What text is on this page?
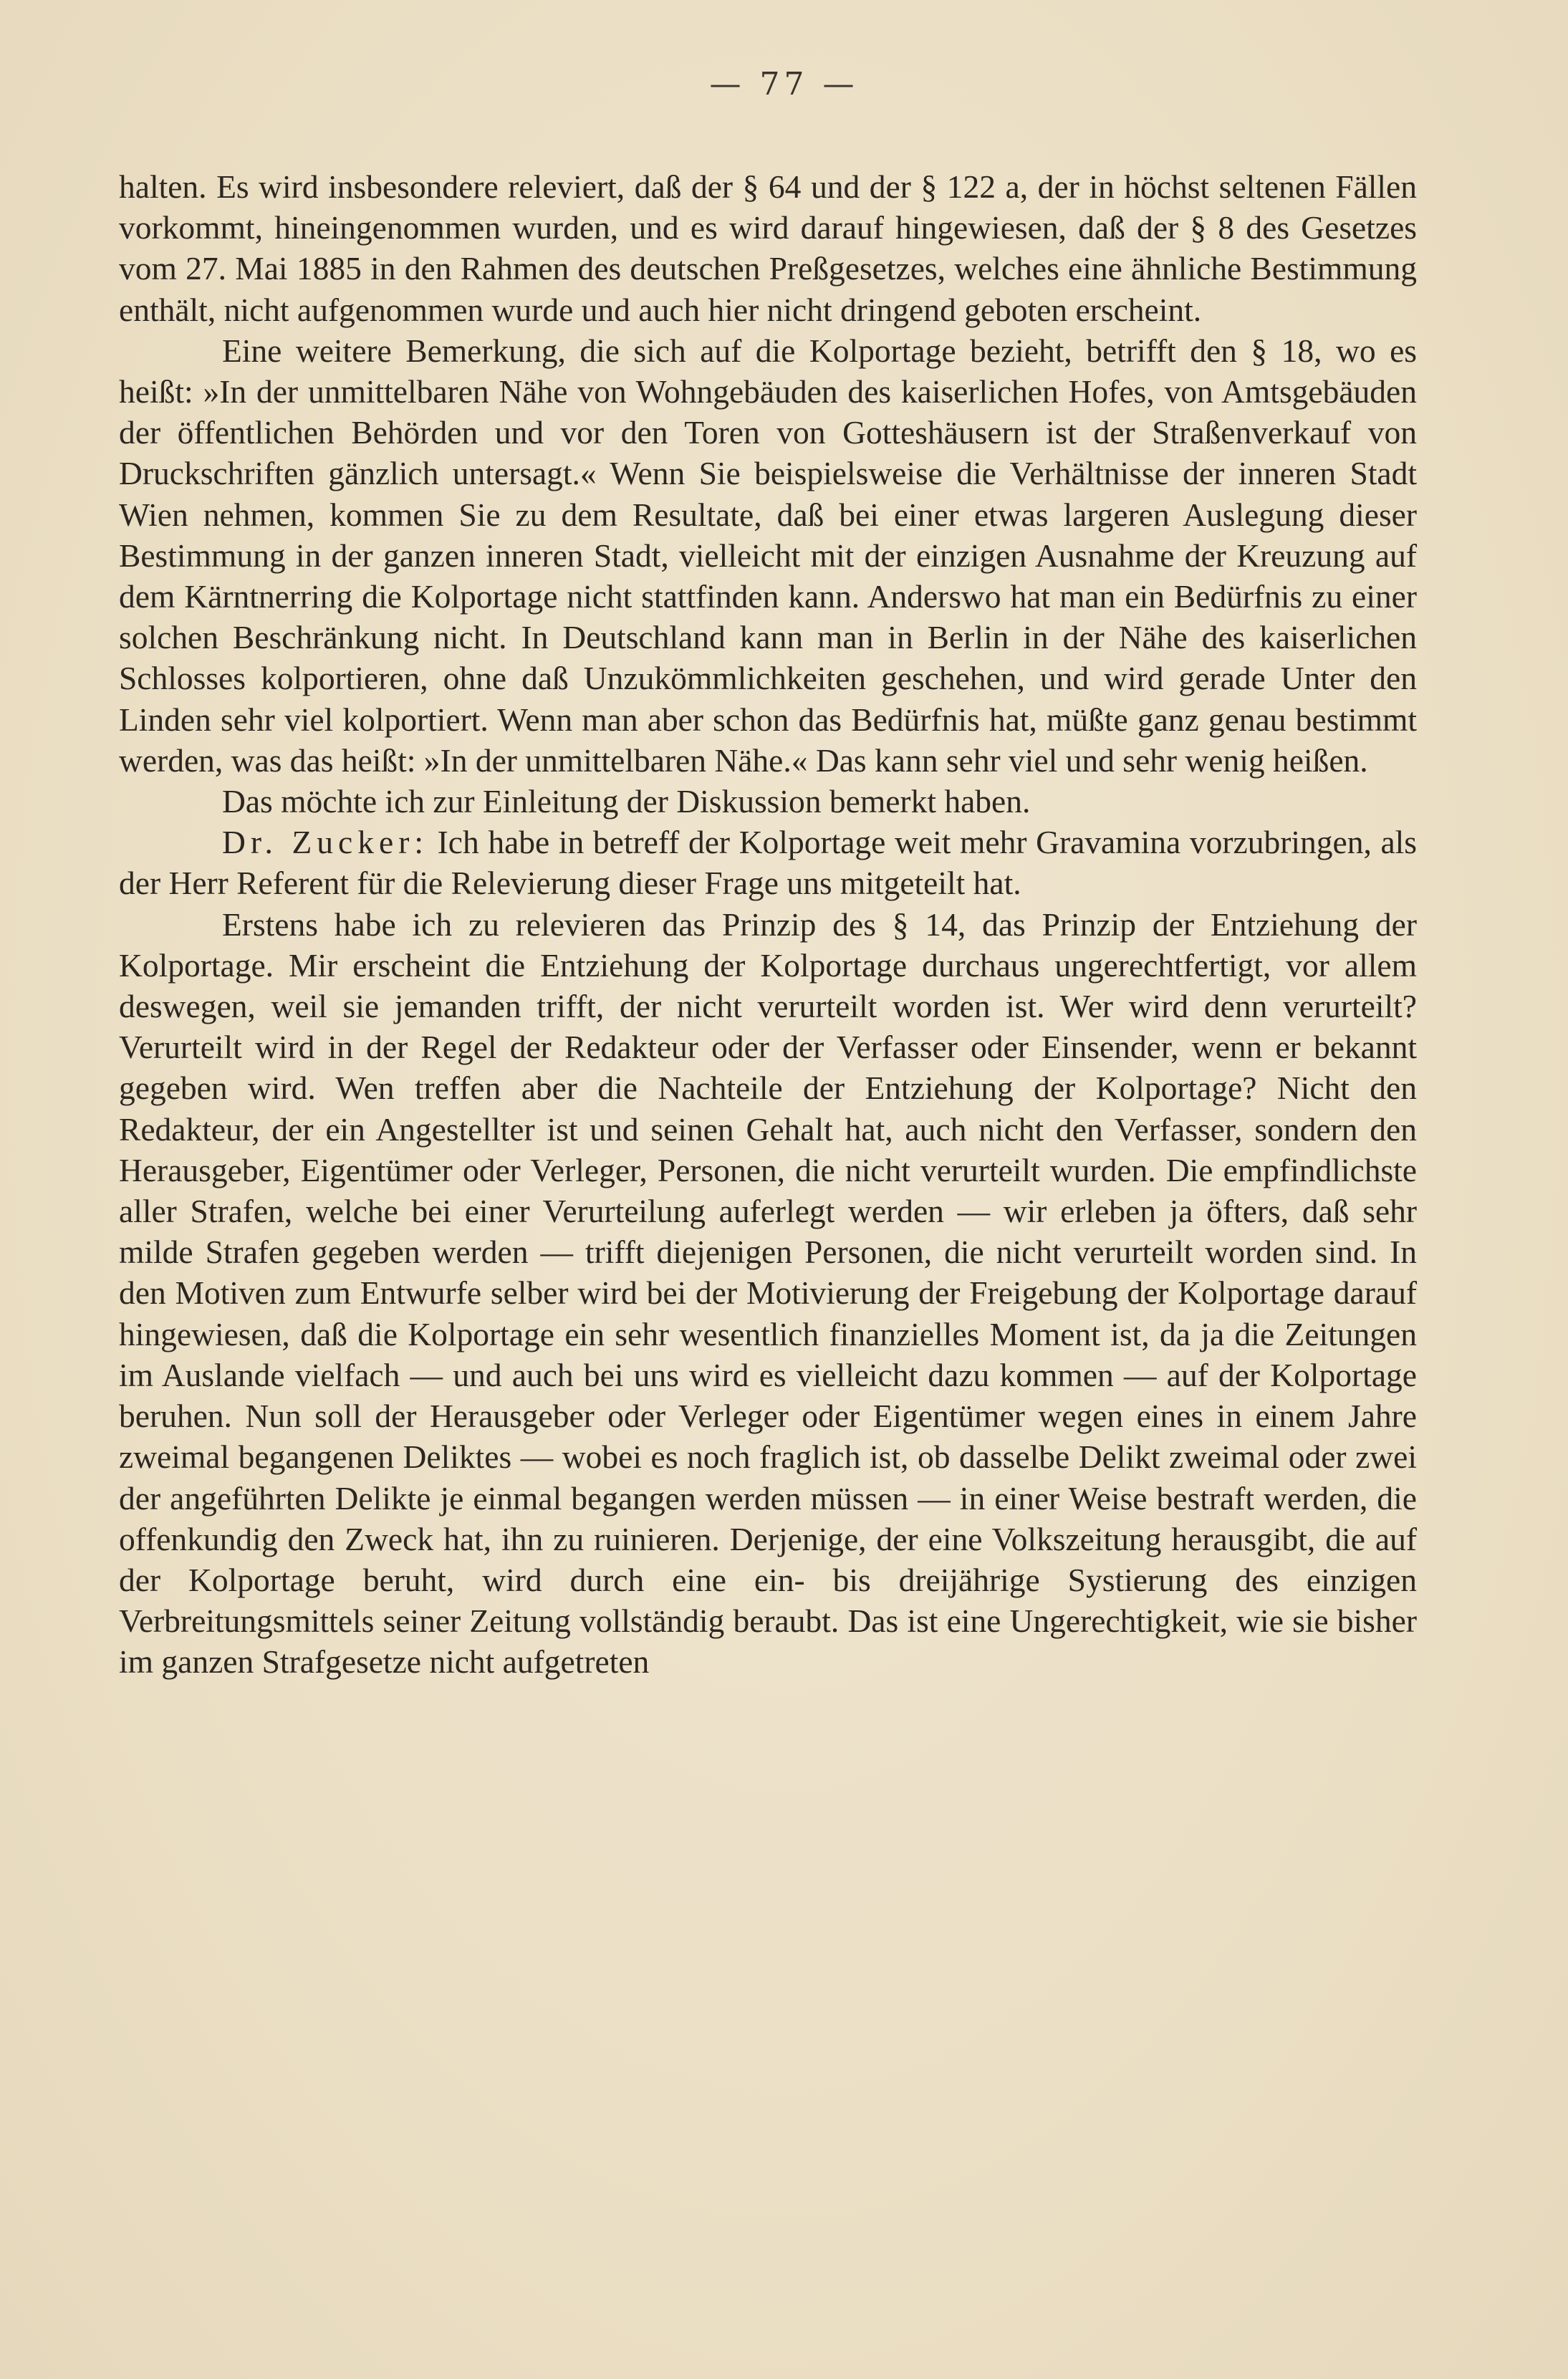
— 77 —

halten. Es wird insbesondere releviert, daß der § 64 und der § 122 a, der in höchst seltenen Fällen vorkommt, hineingenommen wurden, und es wird darauf hingewiesen, daß der § 8 des Gesetzes vom 27. Mai 1885 in den Rahmen des deutschen Preßgesetzes, welches eine ähnliche Bestimmung enthält, nicht aufgenommen wurde und auch hier nicht dringend geboten erscheint.

Eine weitere Bemerkung, die sich auf die Kolportage bezieht, betrifft den § 18, wo es heißt: »In der unmittelbaren Nähe von Wohngebäuden des kaiserlichen Hofes, von Amtsgebäuden der öffentlichen Behörden und vor den Toren von Gotteshäusern ist der Straßenverkauf von Druckschriften gänzlich untersagt.« Wenn Sie beispielsweise die Verhältnisse der inneren Stadt Wien nehmen, kommen Sie zu dem Resultate, daß bei einer etwas largeren Auslegung dieser Bestimmung in der ganzen inneren Stadt, vielleicht mit der einzigen Ausnahme der Kreuzung auf dem Kärntnerring die Kolportage nicht stattfinden kann. Anderswo hat man ein Bedürfnis zu einer solchen Beschränkung nicht. In Deutschland kann man in Berlin in der Nähe des kaiserlichen Schlosses kolportieren, ohne daß Unzukömmlichkeiten geschehen, und wird gerade Unter den Linden sehr viel kolportiert. Wenn man aber schon das Bedürfnis hat, müßte ganz genau bestimmt werden, was das heißt: »In der unmittelbaren Nähe.« Das kann sehr viel und sehr wenig heißen.

Das möchte ich zur Einleitung der Diskussion bemerkt haben.

Dr. Zucker: Ich habe in betreff der Kolportage weit mehr Gravamina vorzubringen, als der Herr Referent für die Relevierung dieser Frage uns mitgeteilt hat.

Erstens habe ich zu relevieren das Prinzip des § 14, das Prinzip der Entziehung der Kolportage. Mir erscheint die Entziehung der Kolportage durchaus ungerechtfertigt, vor allem deswegen, weil sie jemanden trifft, der nicht verurteilt worden ist. Wer wird denn verurteilt? Verurteilt wird in der Regel der Redakteur oder der Verfasser oder Einsender, wenn er bekannt gegeben wird. Wen treffen aber die Nachteile der Entziehung der Kolportage? Nicht den Redakteur, der ein Angestellter ist und seinen Gehalt hat, auch nicht den Verfasser, sondern den Herausgeber, Eigentümer oder Verleger, Personen, die nicht verurteilt wurden. Die empfindlichste aller Strafen, welche bei einer Verurteilung auferlegt werden — wir erleben ja öfters, daß sehr milde Strafen gegeben werden — trifft diejenigen Personen, die nicht verurteilt worden sind. In den Motiven zum Entwurfe selber wird bei der Motivierung der Freigebung der Kolportage darauf hingewiesen, daß die Kolportage ein sehr wesentlich finanzielles Moment ist, da ja die Zeitungen im Auslande vielfach — und auch bei uns wird es vielleicht dazu kommen — auf der Kolportage beruhen. Nun soll der Herausgeber oder Verleger oder Eigentümer wegen eines in einem Jahre zweimal begangenen Deliktes — wobei es noch fraglich ist, ob dasselbe Delikt zweimal oder zwei der angeführten Delikte je einmal begangen werden müssen — in einer Weise bestraft werden, die offenkundig den Zweck hat, ihn zu ruinieren. Derjenige, der eine Volkszeitung herausgibt, die auf der Kolportage beruht, wird durch eine ein- bis dreijährige Systierung des einzigen Verbreitungsmittels seiner Zeitung vollständig beraubt. Das ist eine Ungerechtigkeit, wie sie bisher im ganzen Strafgesetze nicht aufgetreten
